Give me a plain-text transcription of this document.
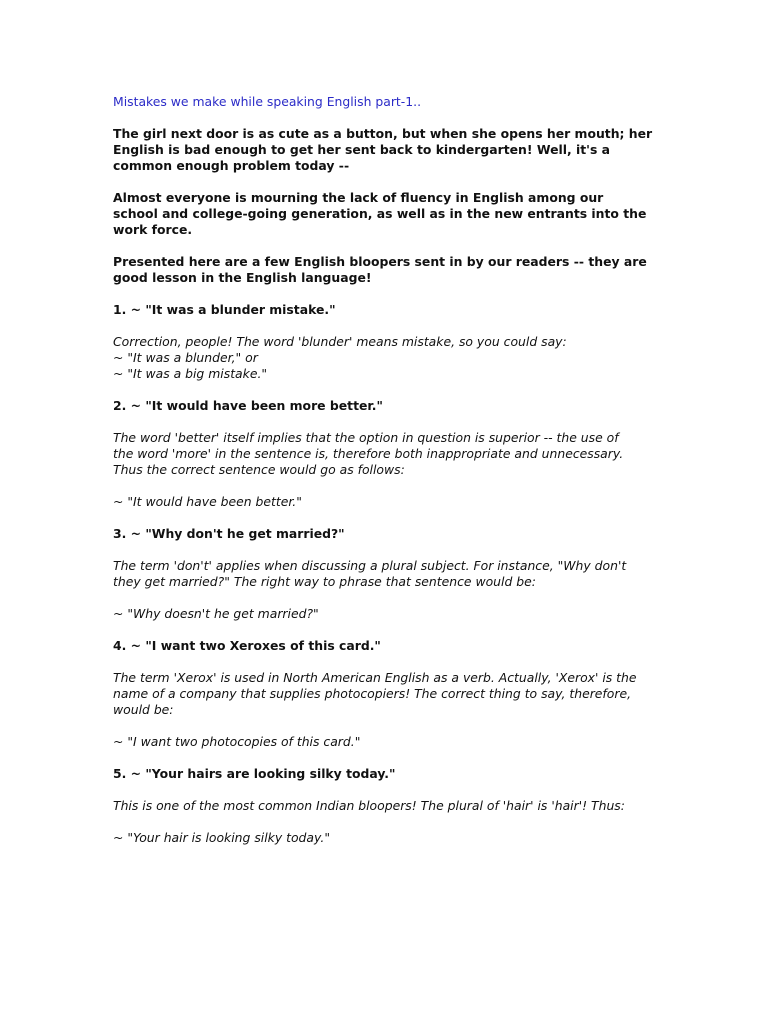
Mistakes we make while speaking English part-1..

The girl next door is as cute as a button, but when she opens her mouth; her
English is bad enough to get her sent back to kindergarten! Well, it's a
common enough problem today --

Almost everyone is mourning the lack of fluency in English among our
school and college-going generation, as well as in the new entrants into the
work force.

Presented here are a few English bloopers sent in by our readers -- they are
good lesson in the English language!

1. ~ "It was a blunder mistake."

Correction, people! The word 'blunder' means mistake, so you could say:
~ "It was a blunder," or
~ "It was a big mistake."

2. ~ "It would have been more better."

The word 'better' itself implies that the option in question is superior -- the use of
the word 'more' in the sentence is, therefore both inappropriate and unnecessary.
Thus the correct sentence would go as follows:

~ "It would have been better."

3. ~ "Why don't he get married?"

The term 'don't' applies when discussing a plural subject. For instance, "Why don't
they get married?" The right way to phrase that sentence would be:

~ "Why doesn't he get married?"

4. ~ "I want two Xeroxes of this card."

The term 'Xerox' is used in North American English as a verb. Actually, 'Xerox' is the
name of a company that supplies photocopiers! The correct thing to say, therefore,
would be:

~ "I want two photocopies of this card."

5. ~ "Your hairs are looking silky today."

This is one of the most common Indian bloopers! The plural of 'hair' is 'hair'! Thus:

~ "Your hair is looking silky today."
